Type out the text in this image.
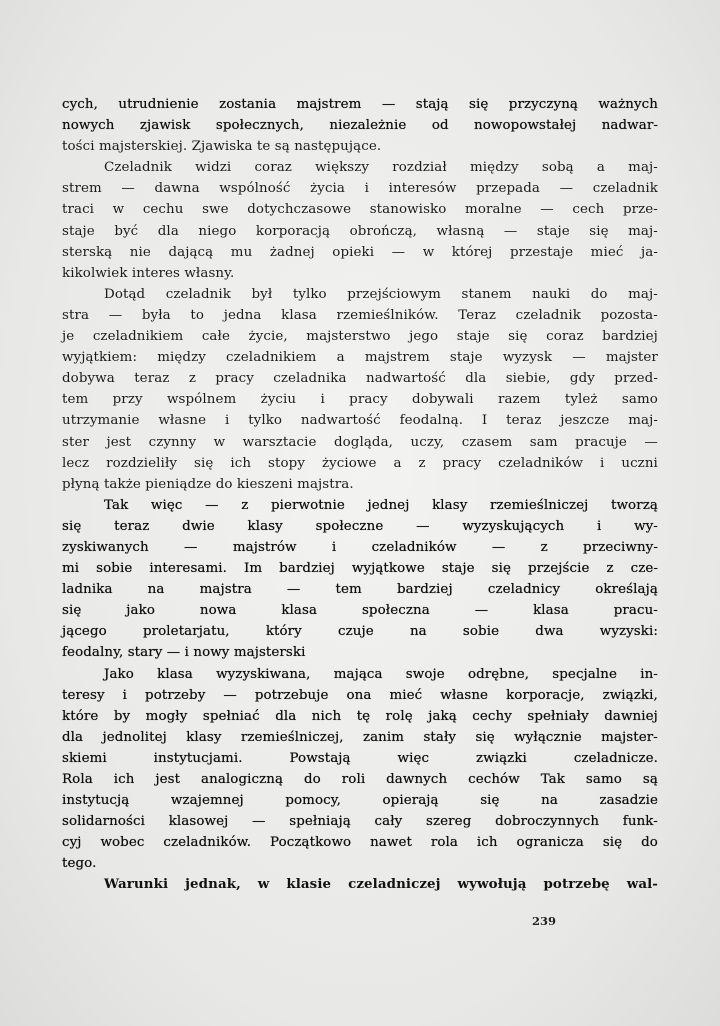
cych, utrudnienie zostania majstrem — stają się przyczyną ważnych
nowych zjawisk społecznych, niezależnie od nowopowstałej nadwar-
tości majsterskiej. Zjawiska te są następujące.
Czeladnik widzi coraz większy rozdział między sobą a maj-
strem — dawna wspólność życia i interesów przepada — czeladnik
traci w cechu swe dotychczasowe stanowisko moralne — cech prze-
staje być dla niego korporacją obrończą, własną — staje się maj-
sterską nie dającą mu żadnej opieki — w której przestaje mieć ja-
kikolwiek interes własny.
Dotąd czeladnik był tylko przejściowym stanem nauki do maj-
stra — była to jedna klasa rzemieślników. Teraz czeladnik pozosta-
je czeladnikiem całe życie, majsterstwo jego staje się coraz bardziej
wyjątkiem: między czeladnikiem a majstrem staje wyzysk — majster
dobywa teraz z pracy czeladnika nadwartość dla siebie, gdy przed-
tem przy wspólnem życiu i pracy dobywali razem tyleż samo
utrzymanie własne i tylko nadwartość feodalną. I teraz jeszcze maj-
ster jest czynny w warsztacie dogląda, uczy, czasem sam pracuje —
lecz rozdzieliły się ich stopy życiowe a z pracy czeladników i uczni
płyną także pieniądze do kieszeni majstra.
Tak więc — z pierwotnie jednej klasy rzemieślniczej tworzą
się teraz dwie klasy społeczne — wyzyskujących i wy-
zyskiwanych	—	majstrów	i	czeladników	—	z	przeciwny-
mi sobie interesami. Im bardziej wyjątkowe staje się przejście z cze-
ladnika	na	majstra	—	tem	bardziej	czeladnicy	określają
się	jako	nowa	klasa	społeczna	—	klasa	pracu-
jącego	proletarjatu,	który	czuje	na	sobie	dwa	wyzyski:
feodalny, stary — i nowy majsterski
Jako klasa wyzyskiwana, mająca swoje odrębne, specjalne in-
teresy i potrzeby — potrzebuje ona mieć własne korporacje, związki,
które by mogły spełniać dla nich tę rolę jaką cechy spełniały dawniej
dla jednolitej klasy rzemieślniczej, zanim stały się wyłącznie majster-
skiemi	instytucjami.	Powstają	więc	związki	czeladnicze.
Rola ich jest analogiczną do roli dawnych cechów Tak samo są
instytucją	wzajemnej	pomocy,	opierają	się	na	zasadzie
solidarności klasowej — spełniają cały szereg dobroczynnych funk-
cyj wobec czeladników. Początkowo nawet rola ich ogranicza się do
tego.
Warunki jednak, w klasie czeladniczej wywołują potrzebę wal-
239
